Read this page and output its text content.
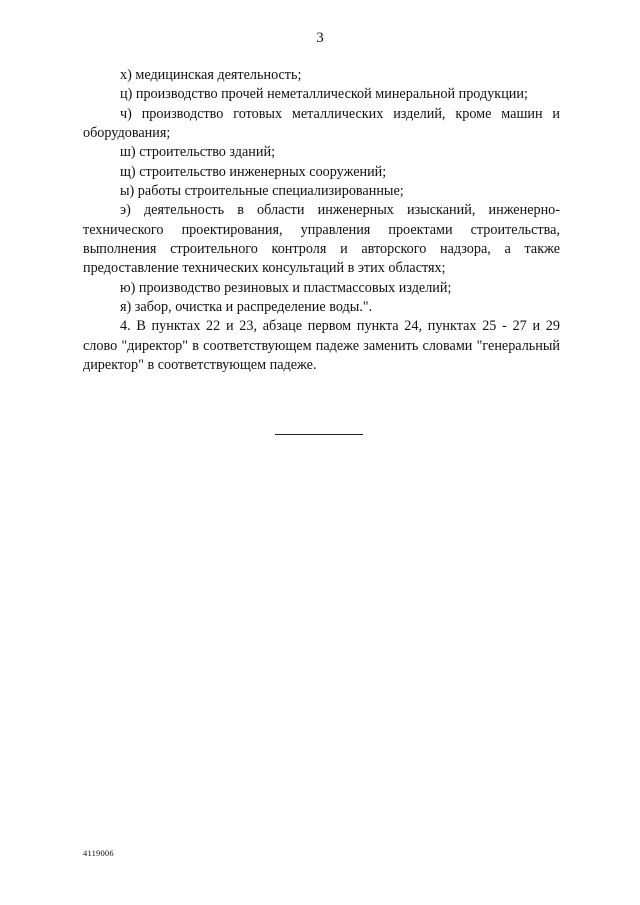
3

х) медицинская деятельность;

ц) производство прочей неметаллической минеральной продукции;

ч) производство готовых металлических изделий, кроме машин и оборудования;

ш) строительство зданий;

щ) строительство инженерных сооружений;

ы) работы строительные специализированные;

э) деятельность в области инженерных изысканий, инженерно-технического проектирования, управления проектами строительства, выполнения строительного контроля и авторского надзора, а также предоставление технических консультаций в этих областях;

ю) производство резиновых и пластмассовых изделий;

я) забор, очистка и распределение воды.".

4. В пунктах 22 и 23, абзаце первом пункта 24, пунктах 25 - 27 и 29 слово "директор" в соответствующем падеже заменить словами "генеральный директор" в соответствующем падеже.

4119006
